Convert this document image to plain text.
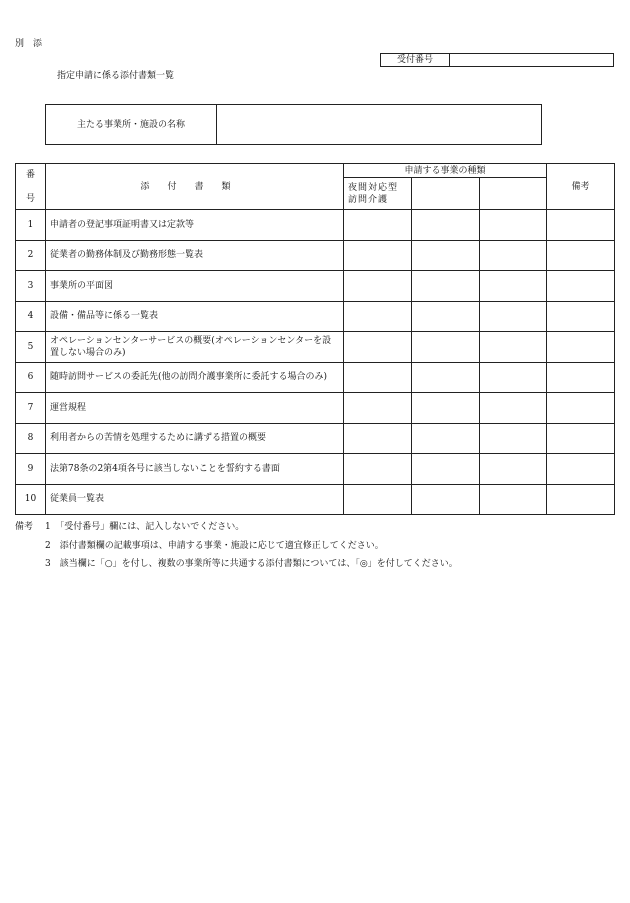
別　添
受付番号
指定申請に係る添付書類一覧
主たる事業所・施設の名称
番

号	添付書類	申請する事業の種類			備考
		夜間対応型
訪問介護			
1	申請者の登記事項証明書又は定款等				
2	従業者の勤務体制及び勤務形態一覧表				
3	事業所の平面図				
4	設備・備品等に係る一覧表				
5	オペレーションセンターサービスの概要(オペレーションセンターを設置しない場合のみ)				
6	随時訪問サービスの委託先(他の訪問介護事業所に委託する場合のみ)				
7	運営規程				
8	利用者からの苦情を処理するために講ずる措置の概要				
9	法第78条の2第4項各号に該当しないことを誓約する書面				
10	従業員一覧表				
備考 1　 「受付番号」欄には、記入しないでください。
2　 添付書類欄の記載事項は、申請する事業・施設に応じて適宜修正してください。
3　 該当欄に「○」を付し、複数の事業所等に共通する添付書類については、「◎」を付してください。
